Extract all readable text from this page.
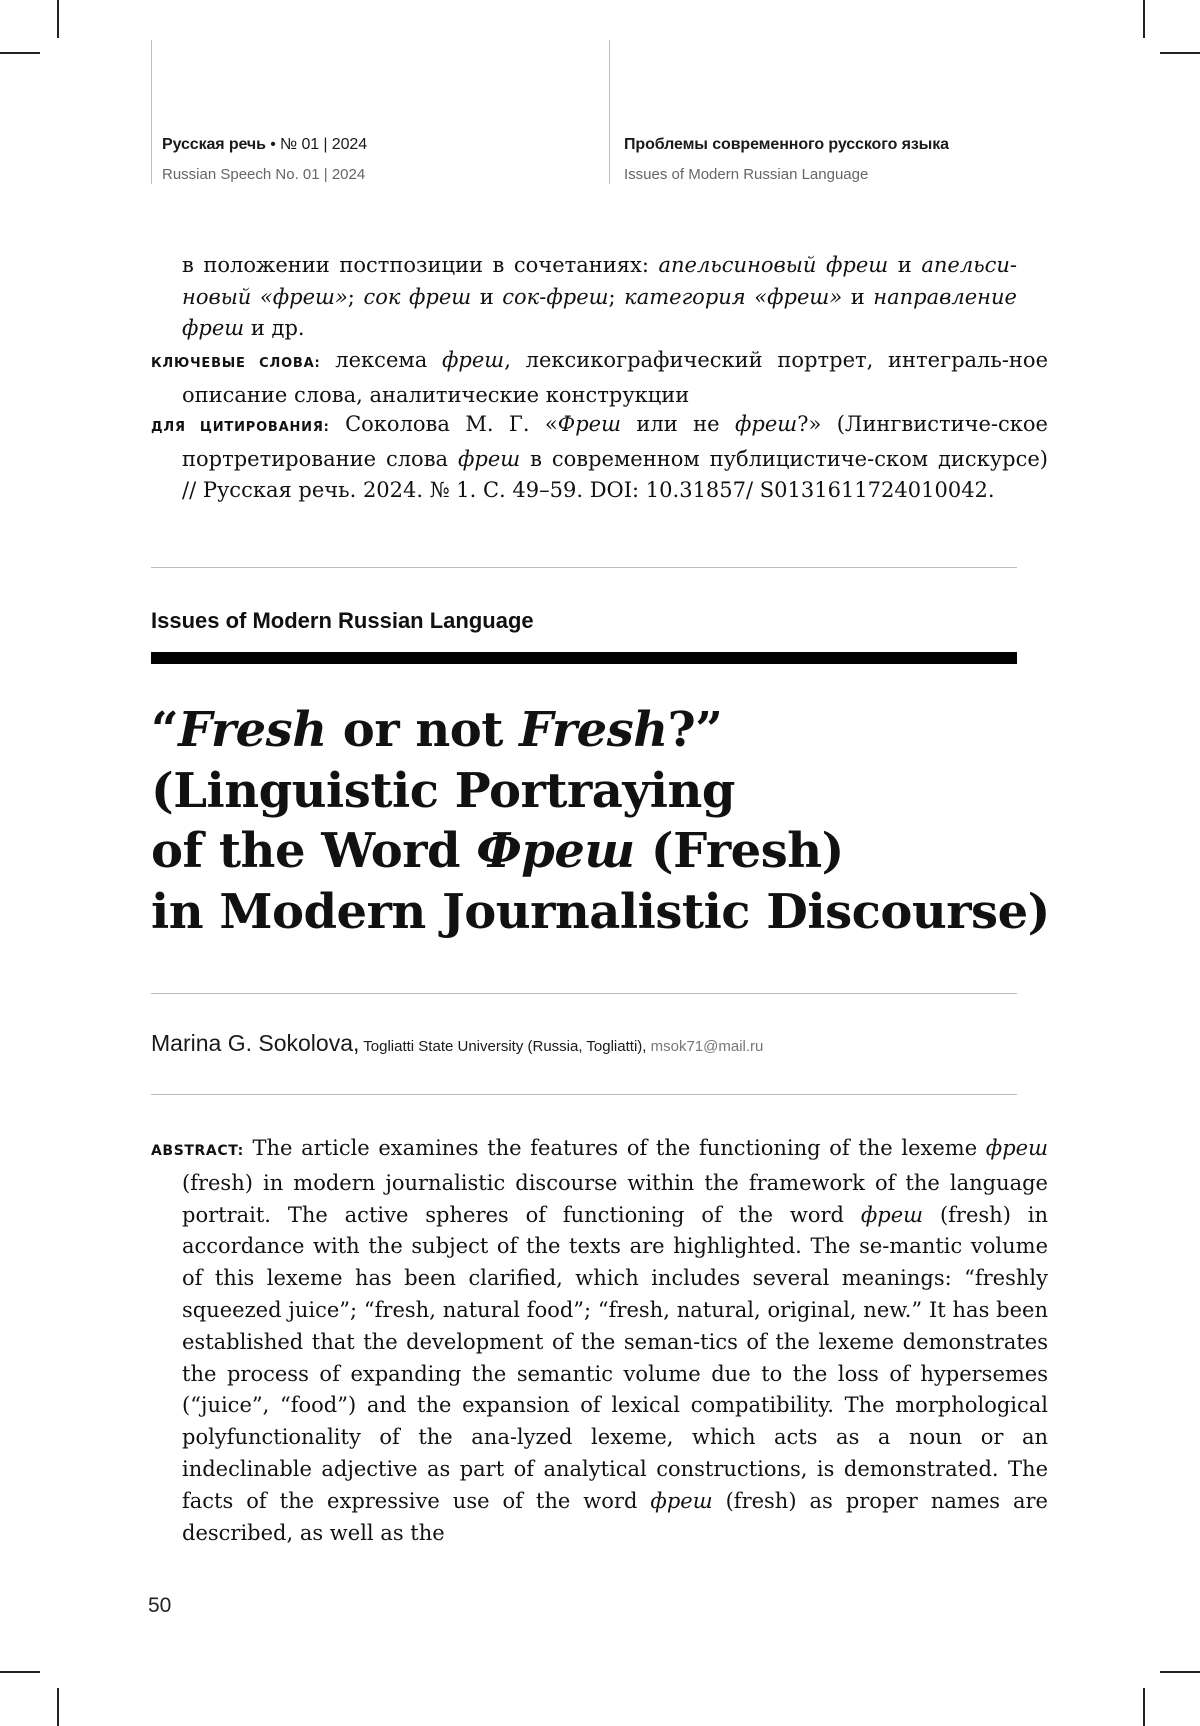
Русская речь • № 01 | 2024
Russian Speech No. 01 | 2024
Проблемы современного русского языка
Issues of Modern Russian Language

в положении постпозиции в сочетаниях: апельсиновый фреш и апельси-новый «фреш»; сок фреш и сок-фреш; категория «фреш» и направление фреш и др.

КЛЮЧЕВЫЕ СЛОВА: лексема фреш, лексикографический портрет, интеграль-ное описание слова, аналитические конструкции

ДЛЯ ЦИТИРОВАНИЯ: Соколова М. Г. «Фреш или не фреш?» (Лингвистиче-ское портретирование слова фреш в современном публицистиче-ском дискурсе) // Русская речь. 2024. № 1. С. 49–59. DOI: 10.31857/ S0131611724010042.

Issues of Modern Russian Language
“Fresh or not Fresh?”
(Linguistic Portraying
of the Word Фреш (Fresh)
in Modern Journalistic Discourse)
Marina G. Sokolova, Togliatti State University (Russia, Togliatti), msok71@mail.ru

ABSTRACT: The article examines the features of the functioning of the lexeme фреш (fresh) in modern journalistic discourse within the framework of the language portrait. The active spheres of functioning of the word фреш (fresh) in accordance with the subject of the texts are highlighted. The se-mantic volume of this lexeme has been clarified, which includes several meanings: “freshly squeezed juice”; “fresh, natural food”; “fresh, natural, original, new.” It has been established that the development of the seman-tics of the lexeme demonstrates the process of expanding the semantic volume due to the loss of hypersemes (“juice”, “food”) and the expansion of lexical compatibility. The morphological polyfunctionality of the ana-lyzed lexeme, which acts as a noun or an indeclinable adjective as part of analytical constructions, is demonstrated. The facts of the expressive use of the word фреш (fresh) as proper names are described, as well as the

50
